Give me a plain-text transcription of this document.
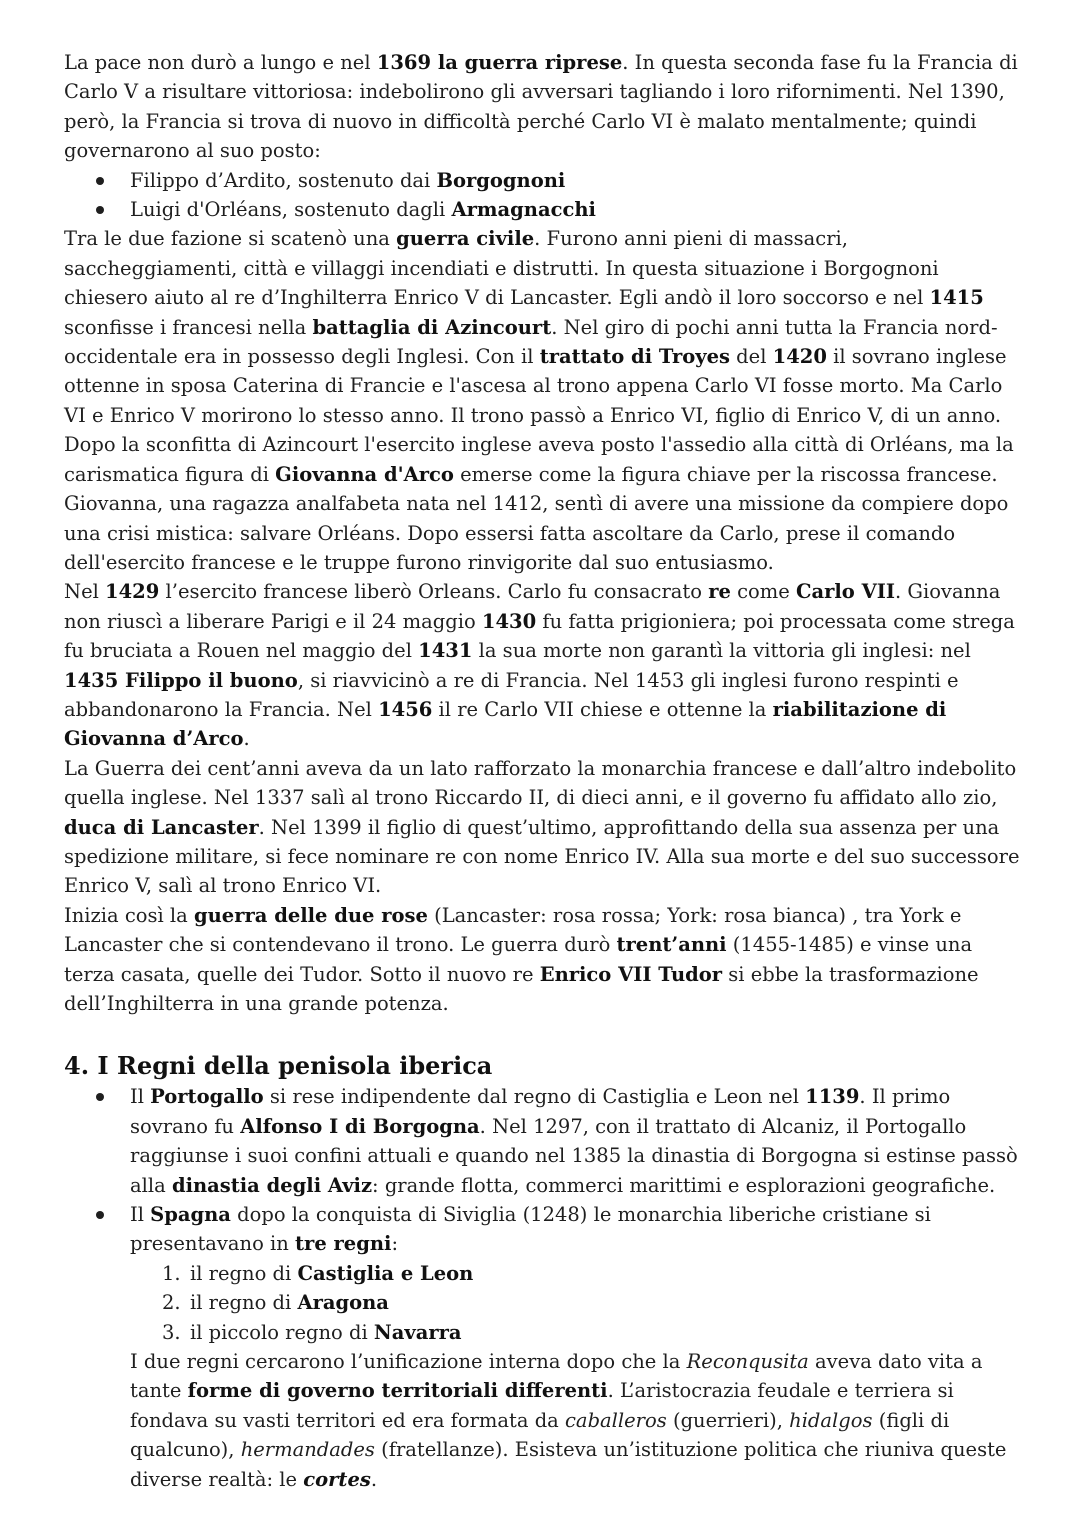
La pace non durò a lungo e nel 1369 la guerra riprese. In questa seconda fase fu la Francia di Carlo V a risultare vittoriosa: indebolirono gli avversari tagliando i loro rifornimenti. Nel 1390, però, la Francia si trova di nuovo in difficoltà perché Carlo VI è malato mentalmente; quindi governarono al suo posto:

Filippo d’Ardito, sostenuto dai Borgognoni
Luigi d'Orléans, sostenuto dagli Armagnacchi

Tra le due fazione si scatenò una guerra civile. Furono anni pieni di massacri, saccheggiamenti, città e villaggi incendiati e distrutti. In questa situazione i Borgognoni chiesero aiuto al re d’Inghilterra Enrico V di Lancaster. Egli andò il loro soccorso e nel 1415 sconfisse i francesi nella battaglia di Azincourt. Nel giro di pochi anni tutta la Francia nord-occidentale era in possesso degli Inglesi. Con il trattato di Troyes del 1420 il sovrano inglese ottenne in sposa Caterina di Francie e l'ascesa al trono appena Carlo VI fosse morto. Ma Carlo VI e Enrico V morirono lo stesso anno. Il trono passò a Enrico VI, figlio di Enrico V, di un anno.

Dopo la sconfitta di Azincourt l'esercito inglese aveva posto l'assedio alla città di Orléans, ma la carismatica figura di Giovanna d'Arco emerse come la figura chiave per la riscossa francese. Giovanna, una ragazza analfabeta nata nel 1412, sentì di avere una missione da compiere dopo una crisi mistica: salvare Orléans. Dopo essersi fatta ascoltare da Carlo, prese il comando dell'esercito francese e le truppe furono rinvigorite dal suo entusiasmo.

Nel 1429 l’esercito francese liberò Orleans. Carlo fu consacrato re come Carlo VII. Giovanna non riuscì a liberare Parigi e il 24 maggio 1430 fu fatta prigioniera; poi processata come strega fu bruciata a Rouen nel maggio del 1431 la sua morte non garantì la vittoria gli inglesi: nel 1435 Filippo il buono, si riavvicinò a re di Francia. Nel 1453 gli inglesi furono respinti e abbandonarono la Francia. Nel 1456 il re Carlo VII chiese e ottenne la riabilitazione di Giovanna d’Arco.

La Guerra dei cent’anni aveva da un lato rafforzato la monarchia francese e dall’altro indebolito quella inglese. Nel 1337 salì al trono Riccardo II, di dieci anni, e il governo fu affidato allo zio, duca di Lancaster. Nel 1399 il figlio di quest’ultimo, approfittando della sua assenza per una spedizione militare, si fece nominare re con nome Enrico IV. Alla sua morte e del suo successore Enrico V, salì al trono Enrico VI.

Inizia così la guerra delle due rose (Lancaster: rosa rossa; York: rosa bianca) , tra York e Lancaster che si contendevano il trono. Le guerra durò trent’anni (1455-1485) e vinse una terza casata, quelle dei Tudor. Sotto il nuovo re Enrico VII Tudor si ebbe la trasformazione dell’Inghilterra in una grande potenza.

4. I Regni della penisola iberica
Il Portogallo si rese indipendente dal regno di Castiglia e Leon nel 1139. Il primo sovrano fu Alfonso I di Borgogna. Nel 1297, con il trattato di Alcaniz, il Portogallo raggiunse i suoi confini attuali e quando nel 1385 la dinastia di Borgogna si estinse passò alla dinastia degli Aviz: grande flotta, commerci marittimi e esplorazioni geografiche.
Il Spagna dopo la conquista di Siviglia (1248) le monarchia liberiche cristiane si presentavano in tre regni:
1. il regno di Castiglia e Leon
2. il regno di Aragona
3. il piccolo regno di Navarra

I due regni cercarono l’unificazione interna dopo che la Reconqusita aveva dato vita a tante forme di governo territoriali differenti. L’aristocrazia feudale e terriera si fondava su vasti territori ed era formata da caballeros (guerrieri), hidalgos (figli di qualcuno), hermandades (fratellanze). Esisteva un’istituzione politica che riuniva queste diverse realtà: le cortes.
